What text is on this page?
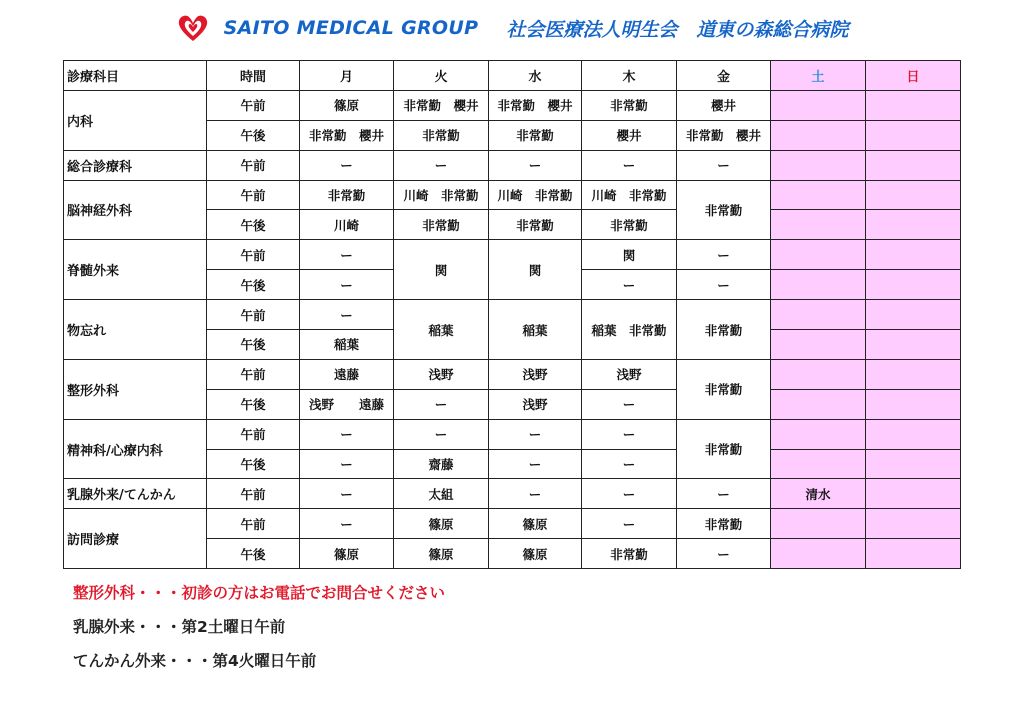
SAITO MEDICAL GROUP 社会医療法人明生会　道東の森総合病院
診療科目	時間	月	火	水	木	金	土	日
内科	午前	篠原	非常勤　櫻井	非常勤　櫻井	非常勤	櫻井		
	午後	非常勤　櫻井	非常勤	非常勤	櫻井	非常勤　櫻井		
総合診療科	午前	ー	ー	ー	ー	ー		
脳神経外科	午前	非常勤	川崎　非常勤	川崎　非常勤	川崎　非常勤	非常勤		
	午後	川崎	非常勤	非常勤	非常勤			
脊髄外来	午前	ー	関	関	関	ー		
	午後	ー			ー	ー		
物忘れ	午前	ー	稲葉	稲葉	稲葉　非常勤	非常勤		
	午後	稲葉						
整形外科	午前	遠藤	浅野	浅野	浅野	非常勤		
	午後	浅野　　遠藤	ー	浅野	ー			
精神科/心療内科	午前	ー	ー	ー	ー	非常勤		
	午後	ー	齋藤	ー	ー			
乳腺外来/てんかん	午前	ー	太組	ー	ー	ー	清水	
訪問診療	午前	ー	篠原	篠原	ー	非常勤		
	午後	篠原	篠原	篠原	非常勤	ー		
整形外科・・・初診の方はお電話でお問合せください
乳腺外来・・・第2土曜日午前
てんかん外来・・・第4火曜日午前
